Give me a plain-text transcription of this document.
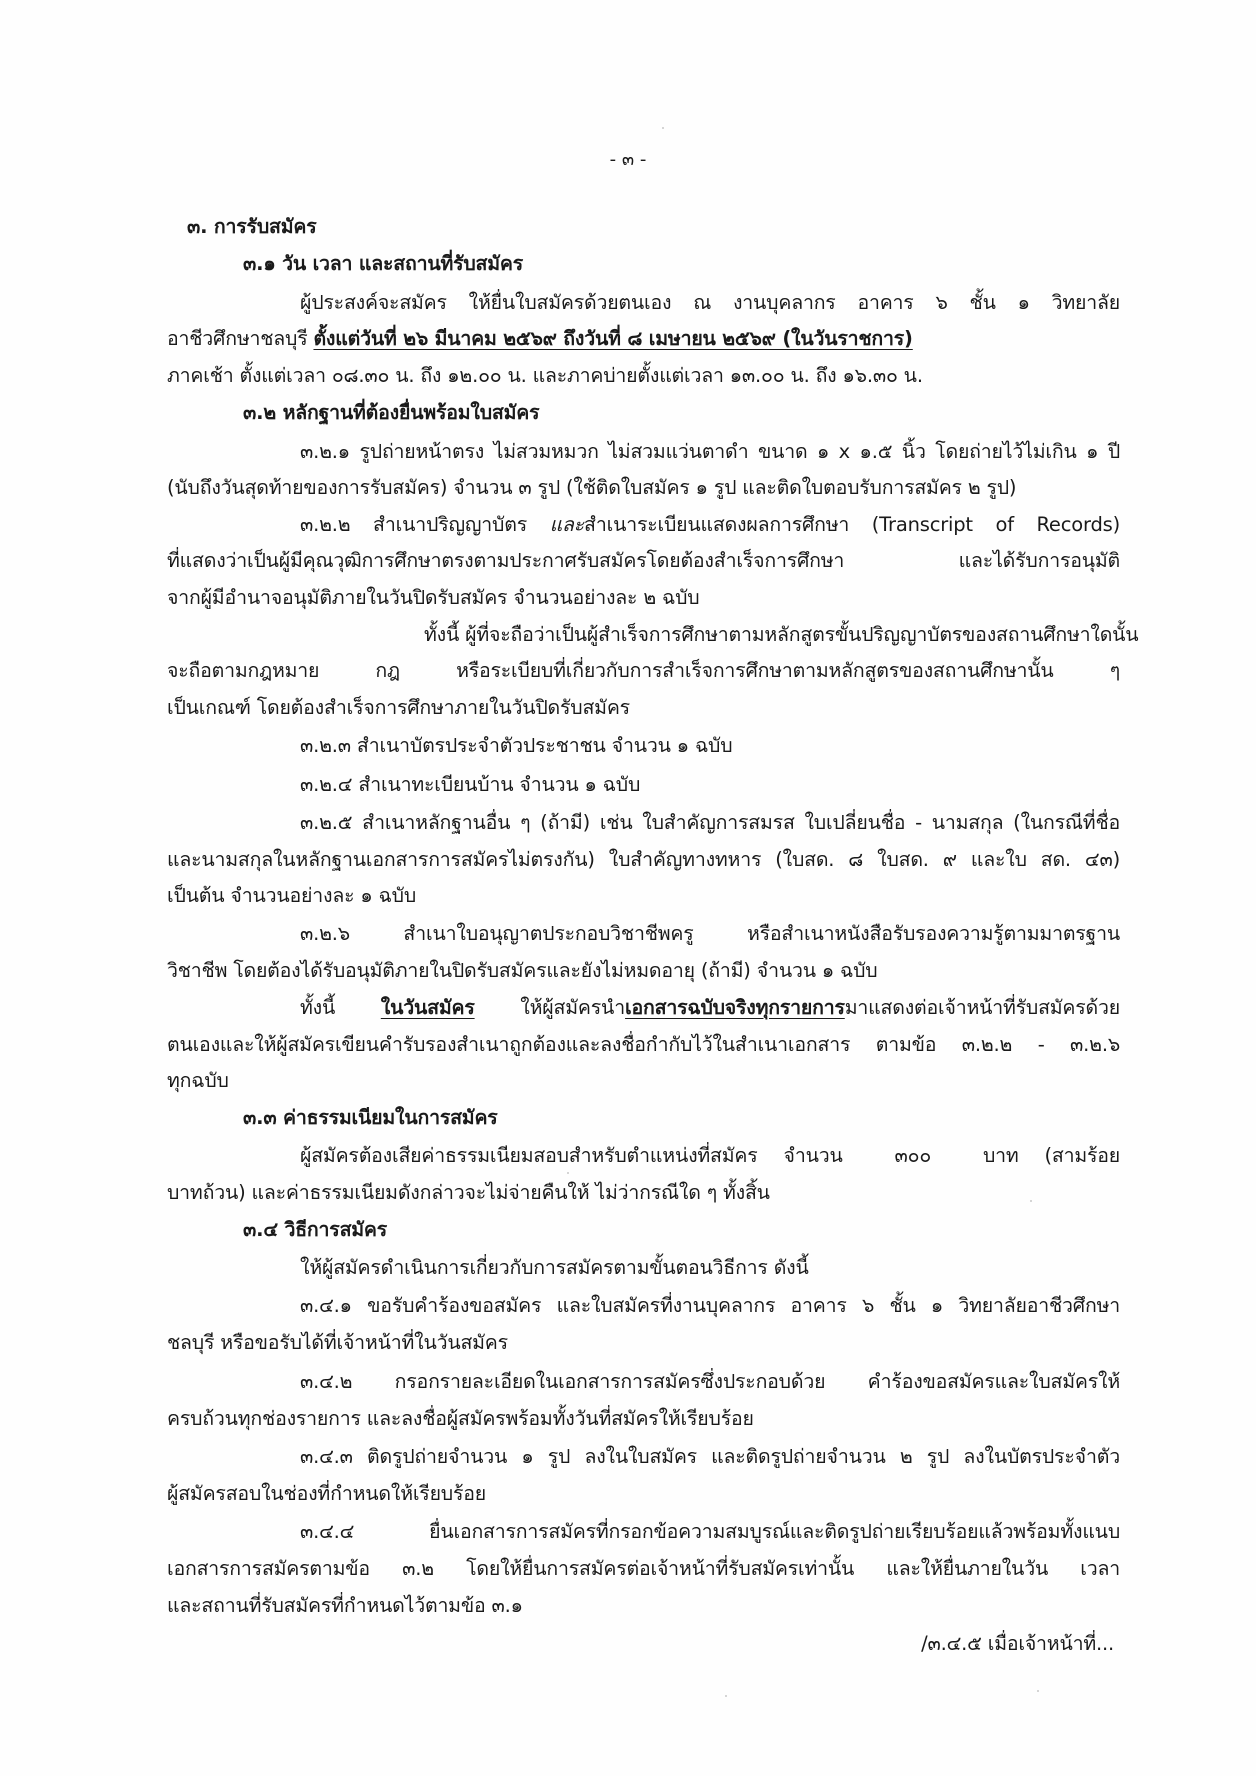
- ๓ -
๓. การรับสมัคร
๓.๑ วัน เวลา และสถานที่รับสมัคร
ผู้ประสงค์จะสมัคร ให้ยื่นใบสมัครด้วยตนเอง ณ งานบุคลากร อาคาร ๖ ชั้น ๑ วิทยาลัย
อาชีวศึกษาชลบุรี ตั้งแต่วันที่ ๒๖ มีนาคม ๒๕๖๙ ถึงวันที่ ๘ เมษายน ๒๕๖๙ (ในวันราชการ)
ภาคเช้า ตั้งแต่เวลา ๐๘.๓๐ น. ถึง ๑๒.๐๐ น. และภาคบ่ายตั้งแต่เวลา ๑๓.๐๐ น. ถึง ๑๖.๓๐ น.
๓.๒ หลักฐานที่ต้องยื่นพร้อมใบสมัคร
๓.๒.๑ รูปถ่ายหน้าตรง ไม่สวมหมวก ไม่สวมแว่นตาดำ ขนาด ๑ x ๑.๕ นิ้ว โดยถ่ายไว้ไม่เกิน ๑ ปี
(นับถึงวันสุดท้ายของการรับสมัคร) จำนวน ๓ รูป (ใช้ติดใบสมัคร ๑ รูป และติดใบตอบรับการสมัคร ๒ รูป)
๓.๒.๒ สำเนาปริญญาบัตร และสำเนาระเบียนแสดงผลการศึกษา (Transcript of Records)
ที่แสดงว่าเป็นผู้มีคุณวุฒิการศึกษาตรงตามประกาศรับสมัครโดยต้องสำเร็จการศึกษา และได้รับการอนุมัติ
จากผู้มีอำนาจอนุมัติภายในวันปิดรับสมัคร จำนวนอย่างละ ๒ ฉบับ
ทั้งนี้ ผู้ที่จะถือว่าเป็นผู้สำเร็จการศึกษาตามหลักสูตรขั้นปริญญาบัตรของสถานศึกษาใดนั้น
จะถือตามกฎหมาย กฎ หรือระเบียบที่เกี่ยวกับการสำเร็จการศึกษาตามหลักสูตรของสถานศึกษานั้น ๆ
เป็นเกณฑ์ โดยต้องสำเร็จการศึกษาภายในวันปิดรับสมัคร
๓.๒.๓ สำเนาบัตรประจำตัวประชาชน จำนวน ๑ ฉบับ
๓.๒.๔ สำเนาทะเบียนบ้าน จำนวน ๑ ฉบับ
๓.๒.๕ สำเนาหลักฐานอื่น ๆ (ถ้ามี) เช่น ใบสำคัญการสมรส ใบเปลี่ยนชื่อ - นามสกุล (ในกรณีที่ชื่อ
และนามสกุลในหลักฐานเอกสารการสมัครไม่ตรงกัน) ใบสำคัญทางทหาร (ใบสด. ๘ ใบสด. ๙ และใบ สด. ๔๓)
เป็นต้น จำนวนอย่างละ ๑ ฉบับ
๓.๒.๖ สำเนาใบอนุญาตประกอบวิชาชีพครู หรือสำเนาหนังสือรับรองความรู้ตามมาตรฐาน
วิชาชีพ โดยต้องได้รับอนุมัติภายในปิดรับสมัครและยังไม่หมดอายุ (ถ้ามี) จำนวน ๑ ฉบับ
ทั้งนี้ ในวันสมัคร ให้ผู้สมัครนำเอกสารฉบับจริงทุกรายการมาแสดงต่อเจ้าหน้าที่รับสมัครด้วย
ตนเองและให้ผู้สมัครเขียนคำรับรองสำเนาถูกต้องและลงชื่อกำกับไว้ในสำเนาเอกสาร ตามข้อ ๓.๒.๒ - ๓.๒.๖
ทุกฉบับ
๓.๓ ค่าธรรมเนียมในการสมัคร
ผู้สมัครต้องเสียค่าธรรมเนียมสอบสำหรับตำแหน่งที่สมัคร จำนวน  ๓๐๐  บาท (สามร้อย
บาทถ้วน) และค่าธรรมเนียมดังกล่าวจะไม่จ่ายคืนให้ ไม่ว่ากรณีใด ๆ ทั้งสิ้น
๓.๔ วิธีการสมัคร
ให้ผู้สมัครดำเนินการเกี่ยวกับการสมัครตามขั้นตอนวิธีการ ดังนี้
๓.๔.๑ ขอรับคำร้องขอสมัคร และใบสมัครที่งานบุคลากร อาคาร ๖ ชั้น ๑ วิทยาลัยอาชีวศึกษา
ชลบุรี หรือขอรับได้ที่เจ้าหน้าที่ในวันสมัคร
๓.๔.๒ กรอกรายละเอียดในเอกสารการสมัครซึ่งประกอบด้วย คำร้องขอสมัครและใบสมัครให้
ครบถ้วนทุกช่องรายการ และลงชื่อผู้สมัครพร้อมทั้งวันที่สมัครให้เรียบร้อย
๓.๔.๓ ติดรูปถ่ายจำนวน ๑ รูป ลงในใบสมัคร และติดรูปถ่ายจำนวน ๒ รูป ลงในบัตรประจำตัว
ผู้สมัครสอบในช่องที่กำหนดให้เรียบร้อย
๓.๔.๔ ยื่นเอกสารการสมัครที่กรอกข้อความสมบูรณ์และติดรูปถ่ายเรียบร้อยแล้วพร้อมทั้งแนบ
เอกสารการสมัครตามข้อ ๓.๒ โดยให้ยื่นการสมัครต่อเจ้าหน้าที่รับสมัครเท่านั้น และให้ยื่นภายในวัน เวลา
และสถานที่รับสมัครที่กำหนดไว้ตามข้อ ๓.๑
/๓.๔.๕ เมื่อเจ้าหน้าที่...
